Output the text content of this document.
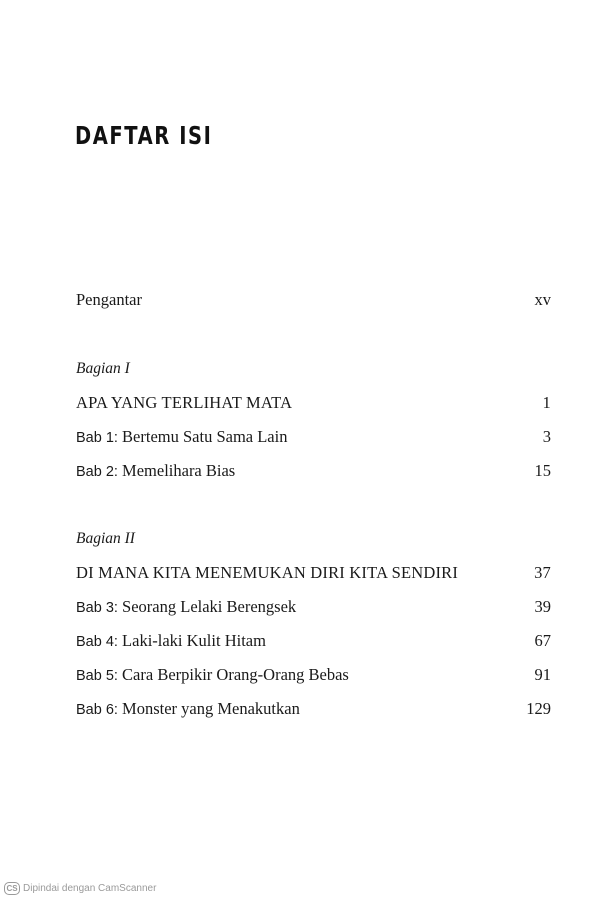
DAFTAR ISI
Pengantar	xv
Bagian I
APA YANG TERLIHAT MATA	1
Bab 1: Bertemu Satu Sama Lain	3
Bab 2: Memelihara Bias	15
Bagian II
DI MANA KITA MENEMUKAN DIRI KITA SENDIRI	37
Bab 3: Seorang Lelaki Berengsek	39
Bab 4: Laki-laki Kulit Hitam	67
Bab 5: Cara Berpikir Orang-Orang Bebas	91
Bab 6: Monster yang Menakutkan	129
CS Dipindai dengan CamScanner
